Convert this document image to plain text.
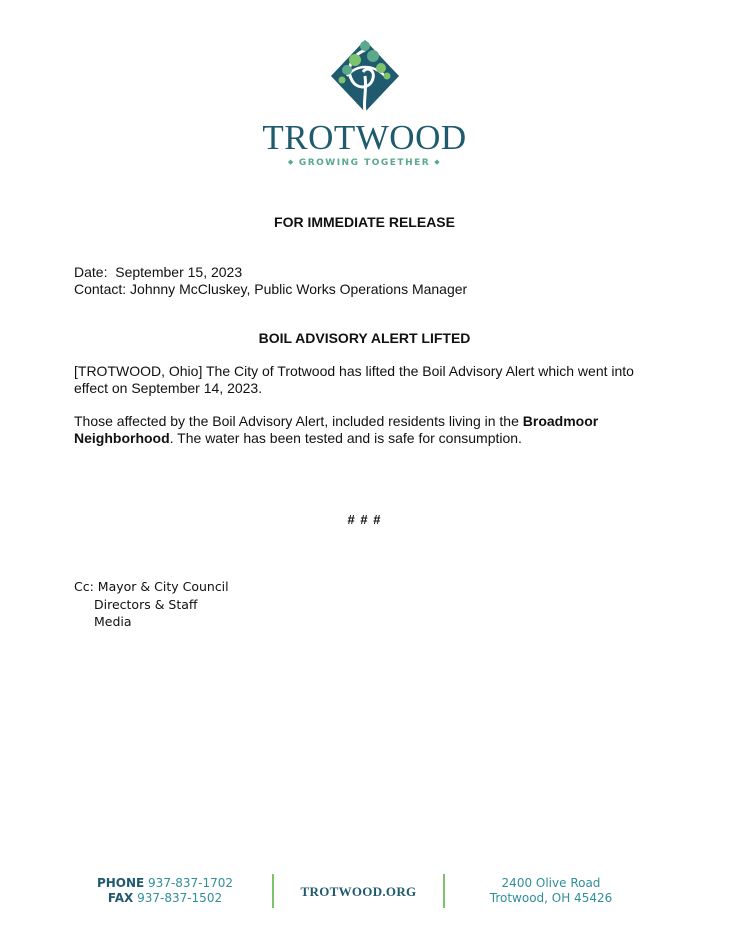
TROTWOOD
◆ GROWING TOGETHER ◆
FOR IMMEDIATE RELEASE
Date: September 15, 2023
Contact: Johnny McCluskey, Public Works Operations Manager
BOIL ADVISORY ALERT LIFTED
[TROTWOOD, Ohio] The City of Trotwood has lifted the Boil Advisory Alert which went into effect on September 14, 2023.
Those affected by the Boil Advisory Alert, included residents living in the Broadmoor Neighborhood. The water has been tested and is safe for consumption.
# # #
Cc: Mayor & City Council
Directors & Staff
Media
PHONE 937-837-1702
FAX 937-837-1502	TROTWOOD.ORG
2400 Olive Road
Trotwood, OH 45426
